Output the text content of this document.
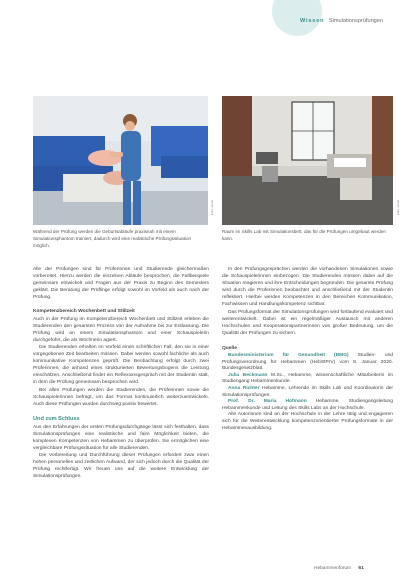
Wissen Simulationsprüfungen
Foto: privat	Foto: privat
Während der Prüfung werden die Geburtsabläufe praxisnah mit einem Simulationsphantom trainiert, dadurch wird eine realistische Prüfungssituation möglich.
Raum im Skills Lab mit Simulationsbett, das für die Prüfungen umgebaut werden kann.

Alle der Prüfungen sind für Prüferinnen und Studierende gleichermaßen vorbereitet. Hierzu werden die einzelnen Abläufe besprochen, die Fallbeispiele gemeinsam entwickelt und Fragen aus der Praxis zu Beginn des Semesters geklärt. Die Beratung der Prüflinge erfolgt sowohl im Vorfeld als auch nach der Prüfung.

Kompetenzbereich Wochenbett und Stillzeit

Auch in der Prüfung im Kompetenzbereich Wochenbett und Stillzeit erleben die Studierenden den gesamten Prozess von der Aufnahme bis zur Entlassung. Die Prüfung wird an einem Simulationsphantom und einer Schauspielerin durchgeführt, die als Wöchnerin agiert.

Die Studierenden erhalten im Vorfeld einen schriftlichen Fall, den sie in einer vorgegebenen Zeit bearbeiten müssen. Dabei werden sowohl fachliche als auch kommunikative Kompetenzen geprüft. Die Beobachtung erfolgt durch zwei Prüferinnen, die anhand eines strukturierten Bewertungsbogens die Leistung einschätzen. Anschließend findet ein Reflexionsgespräch mit der Studentin statt, in dem die Prüfung gemeinsam besprochen wird.

Bei allen Prüfungen werden die Studierenden, die Prüferinnen sowie die Schauspielerinnen befragt, um das Format kontinuierlich weiterzuentwickeln. Auch diese Prüfungen wurden durchweg positiv bewertet.

Und zum Schluss

Aus den Erfahrungen der ersten Prüfungsdurchgänge lässt sich festhalten, dass Simulationsprüfungen eine realistische und faire Möglichkeit bieten, die komplexen Kompetenzen von Hebammen zu überprüfen. Sie ermöglichen eine vergleichbare Prüfungssituation für alle Studierenden.

Die Vorbereitung und Durchführung dieser Prüfungen erfordert zwar einen hohen personellen und zeitlichen Aufwand, der sich jedoch durch die Qualität der Prüfung rechtfertigt. Wir freuen uns auf die weitere Entwicklung der Simulationsprüfungen.

In den Prüfungsgesprächen werden die vorhandenen Simulationen sowie die Schauspielerinnen einbezogen. Die Studierenden müssen dabei auf die Situation reagieren und ihre Entscheidungen begründen. Die gesamte Prüfung wird durch die Prüferinnen beobachtet und anschließend mit der Studentin reflektiert. Hierbei werden Kompetenzen in den Bereichen Kommunikation, Fachwissen und Handlungskompetenz sichtbar.

Das Prüfungsformat der Simulationsprüfungen wird fortlaufend evaluiert und weiterentwickelt. Dabei ist ein regelmäßiger Austausch mit anderen Hochschulen und Kooperationspartnerinnen von großer Bedeutung, um die Qualität der Prüfungen zu sichern.

Quelle

Bundesministerium für Gesundheit (BMG) Studien- und Prüfungsverordnung für Hebammen (HebStPrV) vom 8. Januar 2020. Bundesgesetzblatt.

Julia Beckmann M.Sc., Hebamme, wissenschaftliche Mitarbeiterin im Studiengang Hebammenkunde.

Anna Richter Hebamme, Lehrende im Skills Lab und Koordinatorin der Simulationsprüfungen.

Prof. Dr. Maria Hofmann Hebamme, Studiengangsleitung Hebammenkunde und Leitung des Skills Labs an der Hochschule.

Alle Autorinnen sind an der Hochschule in der Lehre tätig und engagieren sich für die Weiterentwicklung kompetenzorientierter Prüfungsformate in der Hebammenausbildung.

Hebammenforum 61
